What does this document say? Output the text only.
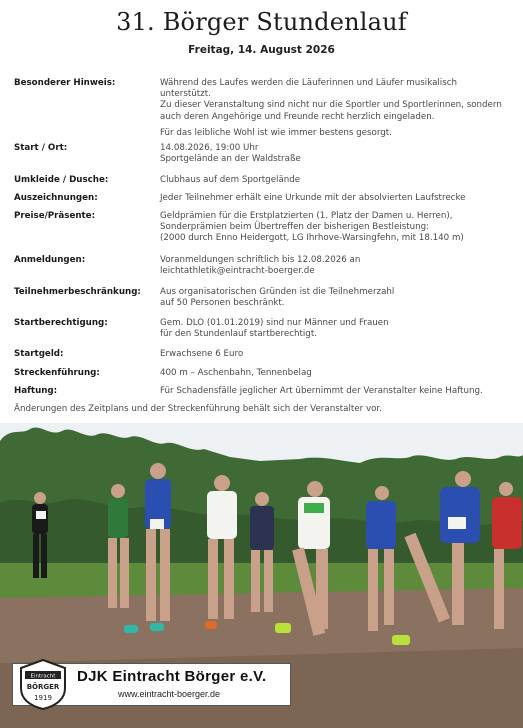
31. Börger Stundenlauf
Freitag, 14. August 2026
Besonderer Hinweis:	Während des Laufes werden die Läuferinnen und Läufer musikalisch unterstützt.
Zu dieser Veranstaltung sind nicht nur die Sportler und Sportlerinnen, sondern
auch deren Angehörige und Freunde recht herzlich eingeladen.

Für das leibliche Wohl ist wie immer bestens gesorgt.

Start / Ort:	14.08.2026, 19:00 Uhr
Sportgelände an der Waldstraße
Umkleide / Dusche:	Clubhaus auf dem Sportgelände
Auszeichnungen:	Jeder Teilnehmer erhält eine Urkunde mit der absolvierten Laufstrecke
Preise/Präsente:	Geldprämien für die Erstplatzierten (1. Platz der Damen u. Herren),
Sonderprämien beim Übertreffen der bisherigen Bestleistung:
(2000 durch Enno Heidergott, LG Ihrhove-Warsingfehn, mit 18.140 m)
Anmeldungen:	Voranmeldungen schriftlich bis 12.08.2026 an
leichtathletik@eintracht-boerger.de
Teilnehmerbeschränkung:	Aus organisatorischen Gründen ist die Teilnehmerzahl
auf 50 Personen beschränkt.
Startberechtigung:	Gem. DLO (01.01.2019) sind nur Männer und Frauen
für den Stundenlauf startberechtigt.
Startgeld:	Erwachsene 6 Euro
Streckenführung:	400 m – Aschenbahn, Tennenbelag
Haftung:	Für Schadensfälle jeglicher Art übernimmt der Veranstalter keine Haftung.
Änderungen des Zeitplans und der Streckenführung behält sich der Veranstalter vor.
Eintracht
BÖRGER
1919
DJK Eintracht Börger e.V.
www.eintracht-boerger.de
